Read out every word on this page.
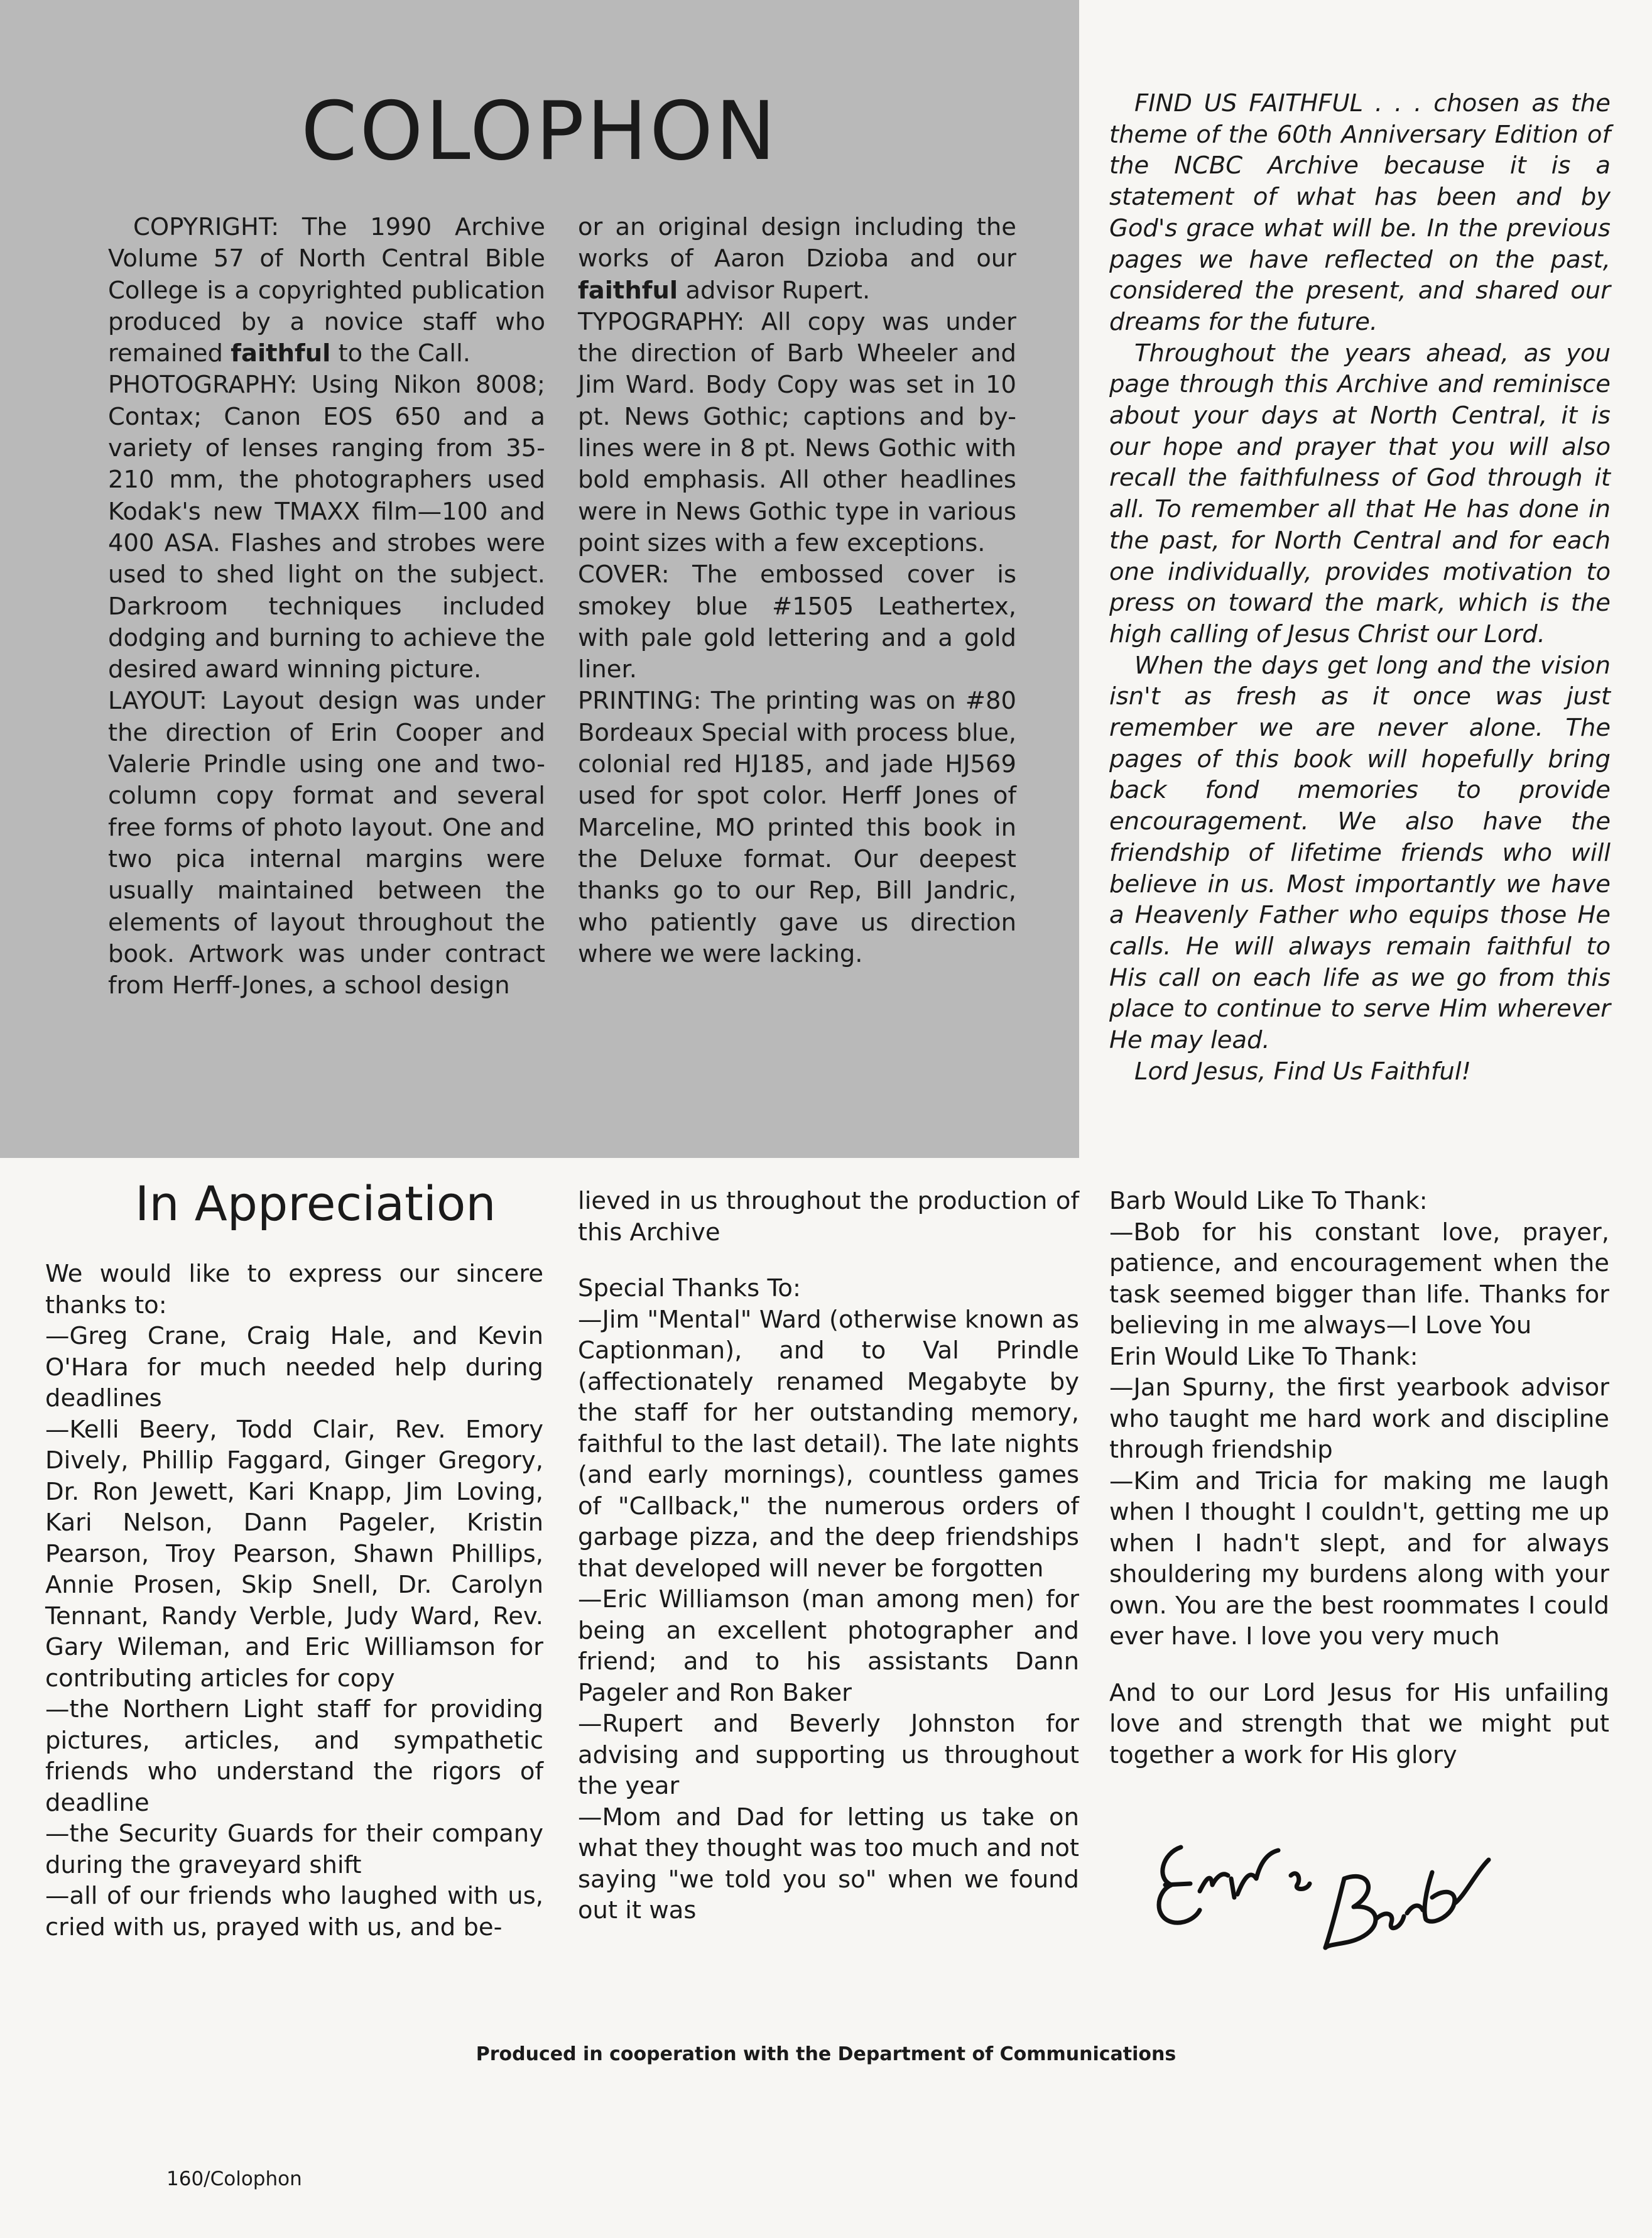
COLOPHON

COPYRIGHT: The 1990 Archive Volume 57 of North Central Bible College is a copyrighted publication produced by a novice staff who remained faithful to the Call.

PHOTOGRAPHY: Using Nikon 8008; Contax; Canon EOS 650 and a variety of lenses ranging from 35-210 mm, the photographers used Kodak's new TMAXX film—100 and 400 ASA. Flashes and strobes were used to shed light on the subject. Darkroom techniques included dodging and burning to achieve the desired award winning picture.

LAYOUT: Layout design was under the direction of Erin Cooper and Valerie Prindle using one and two-column copy format and several free forms of photo layout. One and two pica internal margins were usually maintained between the elements of layout throughout the book. Artwork was under contract from Herff-Jones, a school design

or an original design including the works of Aaron Dzioba and our faithful advisor Rupert.

TYPOGRAPHY: All copy was under the direction of Barb Wheeler and Jim Ward. Body Copy was set in 10 pt. News Gothic; captions and by-lines were in 8 pt. News Gothic with bold emphasis. All other headlines were in News Gothic type in various point sizes with a few exceptions.

COVER: The embossed cover is smokey blue #1505 Leathertex, with pale gold lettering and a gold liner.

PRINTING: The printing was on #80 Bordeaux Special with process blue, colonial red HJ185, and jade HJ569 used for spot color. Herff Jones of Marceline, MO printed this book in the Deluxe format. Our deepest thanks go to our Rep, Bill Jandric, who patiently gave us direction where we were lacking.

FIND US FAITHFUL . . . chosen as the theme of the 60th Anniversary Edition of the NCBC Archive because it is a statement of what has been and by God's grace what will be. In the previous pages we have reflected on the past, considered the present, and shared our dreams for the future.

Throughout the years ahead, as you page through this Archive and reminisce about your days at North Central, it is our hope and prayer that you will also recall the faithfulness of God through it all. To remember all that He has done in the past, for North Central and for each one individually, provides motivation to press on toward the mark, which is the high calling of Jesus Christ our Lord.

When the days get long and the vision isn't as fresh as it once was just remember we are never alone. The pages of this book will hopefully bring back fond memories to provide encouragement. We also have the friendship of lifetime friends who will believe in us. Most importantly we have a Heavenly Father who equips those He calls. He will always remain faithful to His call on each life as we go from this place to continue to serve Him wherever He may lead.

Lord Jesus, Find Us Faithful!

In Appreciation

We would like to express our sincere thanks to:

—Greg Crane, Craig Hale, and Kevin O'Hara for much needed help during deadlines

—Kelli Beery, Todd Clair, Rev. Emory Dively, Phillip Faggard, Ginger Gregory, Dr. Ron Jewett, Kari Knapp, Jim Loving, Kari Nelson, Dann Pageler, Kristin Pearson, Troy Pearson, Shawn Phillips, Annie Prosen, Skip Snell, Dr. Carolyn Tennant, Randy Verble, Judy Ward, Rev. Gary Wileman, and Eric Williamson for contributing articles for copy

—the Northern Light staff for providing pictures, articles, and sympathetic friends who understand the rigors of deadline

—the Security Guards for their company during the graveyard shift

—all of our friends who laughed with us, cried with us, prayed with us, and be-

lieved in us throughout the production of this Archive

Special Thanks To:

—Jim "Mental" Ward (otherwise known as Captionman), and to Val Prindle (affectionately renamed Megabyte by the staff for her outstanding memory, faithful to the last detail). The late nights (and early mornings), countless games of "Callback," the numerous orders of garbage pizza, and the deep friendships that developed will never be forgotten

—Eric Williamson (man among men) for being an excellent photographer and friend; and to his assistants Dann Pageler and Ron Baker

—Rupert and Beverly Johnston for advising and supporting us throughout the year

—Mom and Dad for letting us take on what they thought was too much and not saying "we told you so" when we found out it was

Barb Would Like To Thank:

—Bob for his constant love, prayer, patience, and encouragement when the task seemed bigger than life. Thanks for believing in me always—I Love You

Erin Would Like To Thank:

—Jan Spurny, the first yearbook advisor who taught me hard work and discipline through friendship

—Kim and Tricia for making me laugh when I thought I couldn't, getting me up when I hadn't slept, and for always shouldering my burdens along with your own. You are the best roommates I could ever have. I love you very much

And to our Lord Jesus for His unfailing love and strength that we might put together a work for His glory

Produced in cooperation with the Department of Communications
160/Colophon
